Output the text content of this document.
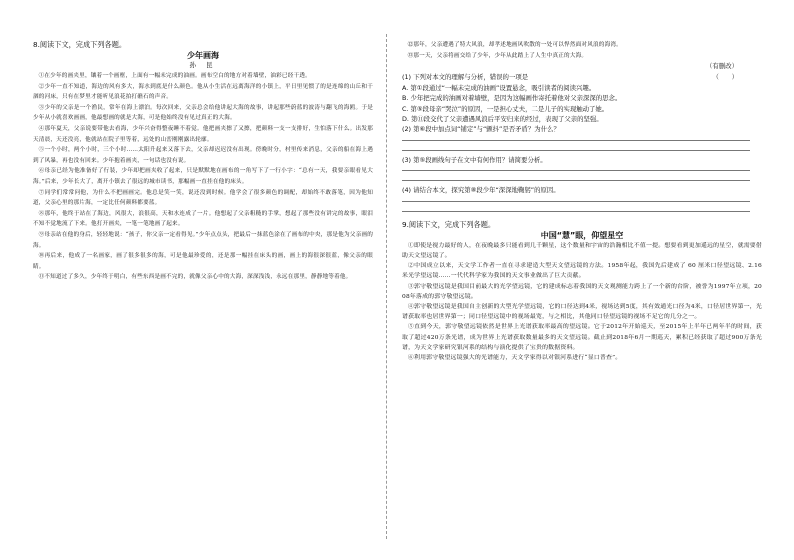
8.阅读下文，完成下列各题。

少年画海

孙 昆

①在少年的画夹里，镶着一个画框，上面有一幅未完成的油画。画布空白的地方对着墙壁，油彩已经干透。

②少年一直不知道，海边的风有多大，海水到底是什么颜色。他从小生活在远离海洋的小镇上，平日里见惯了的是连绵的山丘和干涸的河床，只有在梦里才能听见浪花拍打礁石的声音。

③少年的父亲是一个渔民，常年在海上漂泊。每次回来，父亲总会给他讲起大海的故事，讲起那些蔚蓝的波涛与翻飞的海鸥。于是少年从小就喜欢画画，他最想画的就是大海，可是他始终没有见过真正的大海。

④那年夏天，父亲说要带他去看海，少年兴奋得整夜睡不着觉。他把画夹擦了又擦，把颜料一支一支排好，生怕落下什么。出发那天清晨，天还没亮，他就站在院子里等着，远处的山峦刚刚露出轮廓。

⑤一个小时，两个小时，三个小时……太阳升起来又落下去，父亲却迟迟没有出现。傍晚时分，村里传来消息，父亲的船在海上遇到了风暴，再也没有回来。少年抱着画夹，一句话也没有说。

⑥母亲已经为他准备好了行装，少年却把画夹收了起来，只是默默地在画布的一角写下了一行小字：“总有一天，我要亲眼看见大海。”后来，少年长大了，离开小镇去了很远的城市读书，那幅画一直挂在他的床头。

⑦同学们常常问他，为什么不把画画完。他总是笑一笑，说还没到时候。他学会了很多颜色的调配，却始终不敢落笔，因为他知道，父亲心里的那片海，一定比任何颜料都要蓝。

⑧那年，他终于站在了海边，风很大，浪很高，天和水连成了一片。他想起了父亲粗糙的手掌，想起了那些没有讲完的故事，眼泪不知不觉地流了下来。他打开画夹，一笔一笔地画了起来。

⑨母亲站在他的身后，轻轻地说：“孩子，你父亲一定看得见。”少年点点头，把最后一抹蓝色涂在了画布的中央，那是他为父亲画的海。

⑩再后来，他成了一名画家，画了很多很多的海，可是他最珍爱的，还是那一幅挂在床头的画，画上的海很深很蓝，像父亲的眼睛。

⑪不知道过了多久，少年终于明白，有些东西是画不完的，就像父亲心中的大海，深深浅浅，永远在那里，静静地等着他。

⑫那年，父亲遭遇了特大风浪，却孝述地画风吹散的一处可以悍然面对风浪的海湾。

⑬那一天，父亲将画交给了少年，少年从此踏上了人生中真正的大海。

（有删改）

(1) 下列对本文的理解与分析，错误的一项是	（　　）

A. 第①段通过“一幅未完成的油画”设置悬念，吸引读者的阅读兴趣。

B. 少年把完成的油画对着墙壁，是因为这幅画作寄托着他对父亲深深的思念。

C. 第⑤段母亲“哭泣”的原因，一是担心丈夫，二是儿子的实现触动了她。

D. 第⑪段交代了父亲遭遇风浪后平安归来的经过，表现了父亲的坚强。

(2) 第⑥段中加点词“铺定”与“颤抖”是否矛盾？为什么？

(3) 第⑤段画线句子在文中有何作用？请简要分析。

(4) 请结合本文，探究第⑧段少年“深深地鞠躬”的原因。

9.阅读下文，完成下列各题。

中国“慧”眼，仰望星空

①即使是视力最好的人，在夜晚最多只能看到几千颗星，这个数量和宇宙的浩瀚相比不值一提。想要看到更加遥远的星空，就需要借助天文望远镜了。

②中国成立以来，天文学工作者一直在寻求建造大型天文望远镜的方法。1958年起，我国先后建成了 60 厘米口径望远镜、2.16 米光学望远镜……一代代科学家为我国的天文事业做出了巨大贡献。

③郭守敬望远镜是我国目前最大的光学望远镜，它的建成标志着我国的天文观测能力跨上了一个新的台阶，被誉为1997年立项，2008年落成的郭守敬望远镜。

④郭守敬望远镜是我国自主创新的大型光学望远镜，它的口径达到4米，视场达到5度，其有效通光口径为4米，口径居世界第一，光谱获取率也居世界第一；同口径望远镜中的视场最宽，与之相比，其他同口径望远镜的视场不足它的几分之一。

⑤直到今天，郭守敬望远镜依然是世界上光谱获取率最高的望远镜。它于2012年开始巡天，至2015年上半年已两年半的时间，获取了超过420万条光谱，成为世界上光谱获取数量最多的天文望远镜。截止到2018年6月一期巡天，累积已经获取了超过900万条光谱，为天文学家研究银河系的结构与演化提供了宝贵的数据资料。

⑥利用郭守敬望远镜强大的光谱能力，天文学家得以对银河系进行“显口普查”。
